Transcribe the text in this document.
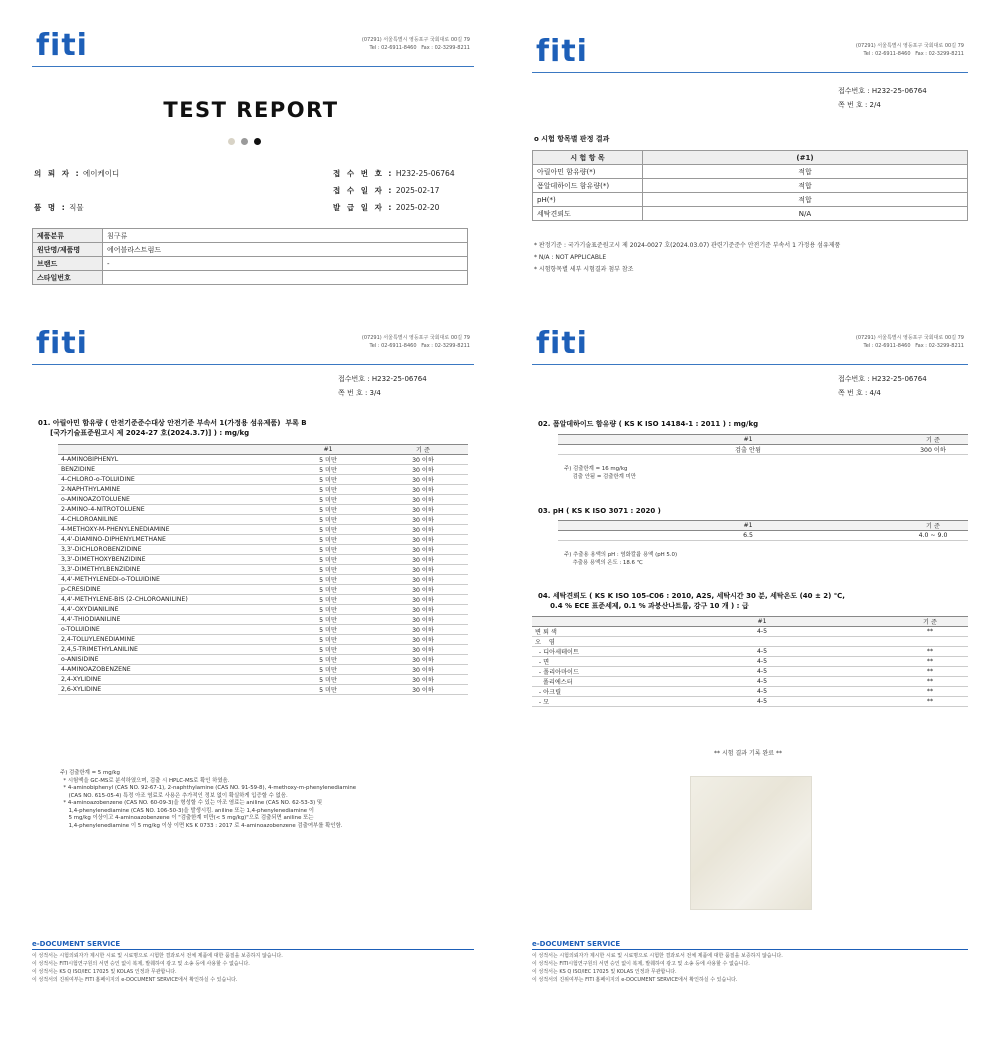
fitі	(07291) 서울특별시 영등포구 국회대로 00길 79
Tel : 02-6911-8460   Fax : 02-3299-8211
TEST REPORT
의 뢰 자 : 에이케이디
품 명 : 직물
접 수 번 호 : H232-25-06764
접 수 일 자 : 2025-02-17
발 급 일 자 : 2025-02-20
제품분류	침구류
원단명/제품명	에어블라스트럼드
브랜드	-
스타일번호	
fitі	(07291) 서울특별시 영등포구 국회대로 00길 79
Tel : 02-6911-8460   Fax : 02-3299-8211
접수번호 : H232-25-06764
쪽 번 호 : 2/4
o 시험 항목별 판정 결과
시 험 항 목	(#1)
아릴아민 함유량(*)	적합
폼알데하이드 함유량(*)	적합
pH(*)	적합
세탁견뢰도	N/A
* 판정기준 : 국가기술표준원고시 제 2024-0027 호(2024.03.07) 관련기준준수 안전기준 부속서 1 가정용 섬유제품
* N/A : NOT APPLICABLE
* 시험항목별 세부 시험결과 첨부 참조
fitі	(07291) 서울특별시 영등포구 국회대로 00길 79
Tel : 02-6911-8460   Fax : 02-3299-8211
접수번호 : H232-25-06764
쪽 번 호 : 3/4
01. 아릴아민 함유량 ( 안전기준준수대상 안전기준 부속서 1(가정용 섬유제품)  부록 B
[국가기술표준원고시 제 2024-27 호(2024.3.7)] ) : mg/kg
	#1	기 준
4-AMINOBIPHENYL	5 미만	30 이하
BENZIDINE	5 미만	30 이하
4-CHLORO-o-TOLUIDINE	5 미만	30 이하
2-NAPHTHYLAMINE	5 미만	30 이하
o-AMINOAZOTOLUENE	5 미만	30 이하
2-AMINO-4-NITROTOLUENE	5 미만	30 이하
4-CHLOROANILINE	5 미만	30 이하
4-METHOXY-M-PHENYLENEDIAMINE	5 미만	30 이하
4,4'-DIAMINO-DIPHENYLMETHANE	5 미만	30 이하
3,3'-DICHLOROBENZIDINE	5 미만	30 이하
3,3'-DIMETHOXYBENZIDINE	5 미만	30 이하
3,3'-DIMETHYLBENZIDINE	5 미만	30 이하
4,4'-METHYLENEDI-o-TOLUIDINE	5 미만	30 이하
p-CRESIDINE	5 미만	30 이하
4,4'-METHYLENE-BIS (2-CHLOROANILINE)	5 미만	30 이하
4,4'-OXYDIANILINE	5 미만	30 이하
4,4'-THIODIANILINE	5 미만	30 이하
o-TOLUIDINE	5 미만	30 이하
2,4-TOLUYLENEDIAMINE	5 미만	30 이하
2,4,5-TRIMETHYLANILINE	5 미만	30 이하
o-ANISIDINE	5 미만	30 이하
4-AMINOAZOBENZENE	5 미만	30 이하
2,4-XYLIDINE	5 미만	30 이하
2,6-XYLIDINE	5 미만	30 이하
주) 검출한계 = 5 mg/kg
* 시험액을 GC-MS로 분석하였으며, 검출 시 HPLC-MS로 확인 하였음.
* 4-aminobiphenyl (CAS NO. 92-67-1), 2-naphthylamine (CAS NO. 91-59-8), 4-methoxy-m-phenylenediamine
(CAS NO. 615-05-4) 특정 아조 염료로 사용은 추가적인 정보 없이 확실하게 입증할 수 없음.
* 4-aminoazobenzene (CAS NO. 60-09-3)을 형성할 수 있는 아조 염료는 aniline (CAS NO. 62-53-3) 및
1,4-phenylenediamine (CAS NO. 106-50-3)을 발생시킴. aniline 또는 1,4-phenylenediamine 이
5 mg/kg 이상이고 4-aminoazobenzene 이 "검출한계 미만(< 5 mg/kg)"으로 검출되면 aniline 또는
1,4-phenylenediamine 이 5 mg/kg 이상 이면 KS K 0733 : 2017 로 4-aminoazobenzene 검출여부를 확인함.
e-DOCUMENT SERVICE
이 성적서는 시험의뢰자가 제시한 시료 및 시료명으로 시험한 결과로서 전체 제품에 대한 품질을 보증하지 않습니다.
이 성적서는 FITI시험연구원의 서면 승인 없이 복제, 발췌하여 광고 및 소송 등에 사용할 수 없습니다.
이 성적서는 KS Q ISO/IEC 17025 및 KOLAS 인정과 무관합니다.
이 성적서의 진위여부는 FITI 홈페이지의 e-DOCUMENT SERVICE에서 확인하실 수 있습니다.
fitі	(07291) 서울특별시 영등포구 국회대로 00길 79
Tel : 02-6911-8460   Fax : 02-3299-8211
접수번호 : H232-25-06764
쪽 번 호 : 4/4
02. 폼알데하이드 함유량 ( KS K ISO 14184-1 : 2011 ) : mg/kg
	#1	기 준
	검출 안됨	300 이하
주) 검출한계 = 16 mg/kg
검출 안됨 = 검출한계 미만
03. pH ( KS K ISO 3071 : 2020 )
	#1	기 준
	6.5	4.0 ~ 9.0
주) 추출용 용액의 pH : 염화칼륨 용액 (pH 5.0)
추출용 용액의 온도 : 18.6 ℃
04. 세탁견뢰도 ( KS K ISO 105-C06 : 2010, A2S, 세탁시간 30 분, 세탁온도 (40 ± 2) ℃,
0.4 % ECE 표준세제, 0.1 % 과붕산나트륨, 강구 10 개 ) : 급
	#1	기 준
변 퇴 색	4-5	**
오    염		
- 디아세테이트	4-5	**
- 면	4-5	**
- 폴리아마이드	4-5	**
폴리에스터	4-5	**
- 아크릴	4-5	**
- 모	4-5	**
** 시험 결과 기록 완료 **
e-DOCUMENT SERVICE
이 성적서는 시험의뢰자가 제시한 시료 및 시료명으로 시험한 결과로서 전체 제품에 대한 품질을 보증하지 않습니다.
이 성적서는 FITI시험연구원의 서면 승인 없이 복제, 발췌하여 광고 및 소송 등에 사용할 수 없습니다.
이 성적서는 KS Q ISO/IEC 17025 및 KOLAS 인정과 무관합니다.
이 성적서의 진위여부는 FITI 홈페이지의 e-DOCUMENT SERVICE에서 확인하실 수 있습니다.
